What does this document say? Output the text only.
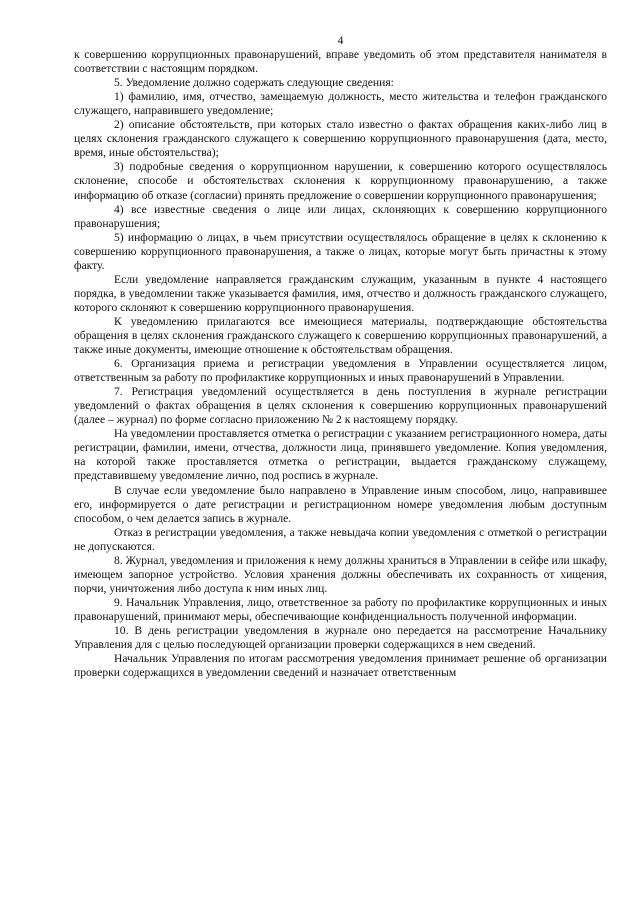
4

к совершению коррупционных правонарушений, вправе уведомить об этом представителя нанимателя в соответствии с настоящим порядком.

5. Уведомление должно содержать следующие сведения:

1) фамилию, имя, отчество, замещаемую должность, место жительства и телефон гражданского служащего, направившего уведомление;

2) описание обстоятельств, при которых стало известно о фактах обращения каких-либо лиц в целях склонения гражданского служащего к совершению коррупционного правонарушения (дата, место, время, иные обстоятельства);

3) подробные сведения о коррупционном нарушении, к совершению которого осуществлялось склонение, способе и обстоятельствах склонения к коррупционному правонарушению, а также информацию об отказе (согласии) принять предложение о совершении коррупционного правонарушения;

4) все известные сведения о лице или лицах, склоняющих к совершению коррупционного правонарушения;

5) информацию о лицах, в чьем присутствии осуществлялось обращение в целях к склонению к совершению коррупционного правонарушения, а также о лицах, которые могут быть причастны к этому факту.

Если уведомление направляется гражданским служащим, указанным в пункте 4 настоящего порядка, в уведомлении также указывается фамилия, имя, отчество и должность гражданского служащего, которого склоняют к совершению коррупционного правонарушения.

К уведомлению прилагаются все имеющиеся материалы, подтверждающие обстоятельства обращения в целях склонения гражданского служащего к совершению коррупционных правонарушений, а также иные документы, имеющие отношение к обстоятельствам обращения.

6. Организация приема и регистрации уведомления в Управлении осуществляется лицом, ответственным за работу по профилактике коррупционных и иных правонарушений в Управлении.

7. Регистрация уведомлений осуществляется в день поступления в журнале регистрации уведомлений о фактах обращения в целях склонения к совершению коррупционных правонарушений (далее – журнал) по форме согласно приложению № 2 к настоящему порядку.

На уведомлении проставляется отметка о регистрации с указанием регистрационного номера, даты регистрации, фамилии, имени, отчества, должности лица, принявшего уведомление. Копия уведомления, на которой также проставляется отметка о регистрации, выдается гражданскому служащему, представившему уведомление лично, под роспись в журнале.

В случае если уведомление было направлено в Управление иным способом, лицо, направившее его, информируется о дате регистрации и регистрационном номере уведомления любым доступным способом, о чем делается запись в журнале.

Отказ в регистрации уведомления, а также невыдача копии уведомления с отметкой о регистрации не допускаются.

8. Журнал, уведомления и приложения к нему должны храниться в Управлении в сейфе или шкафу, имеющем запорное устройство. Условия хранения должны обеспечивать их сохранность от хищения, порчи, уничтожения либо доступа к ним иных лиц.

9. Начальник Управления, лицо, ответственное за работу по профилактике коррупционных и иных правонарушений, принимают меры, обеспечивающие конфиденциальность полученной информации.

10. В день регистрации уведомления в журнале оно передается на рассмотрение Начальнику Управления для с целью последующей организации проверки содержащихся в нем сведений.

Начальник Управления по итогам рассмотрения уведомления принимает решение об организации проверки содержащихся в уведомлении сведений и назначает ответственным
